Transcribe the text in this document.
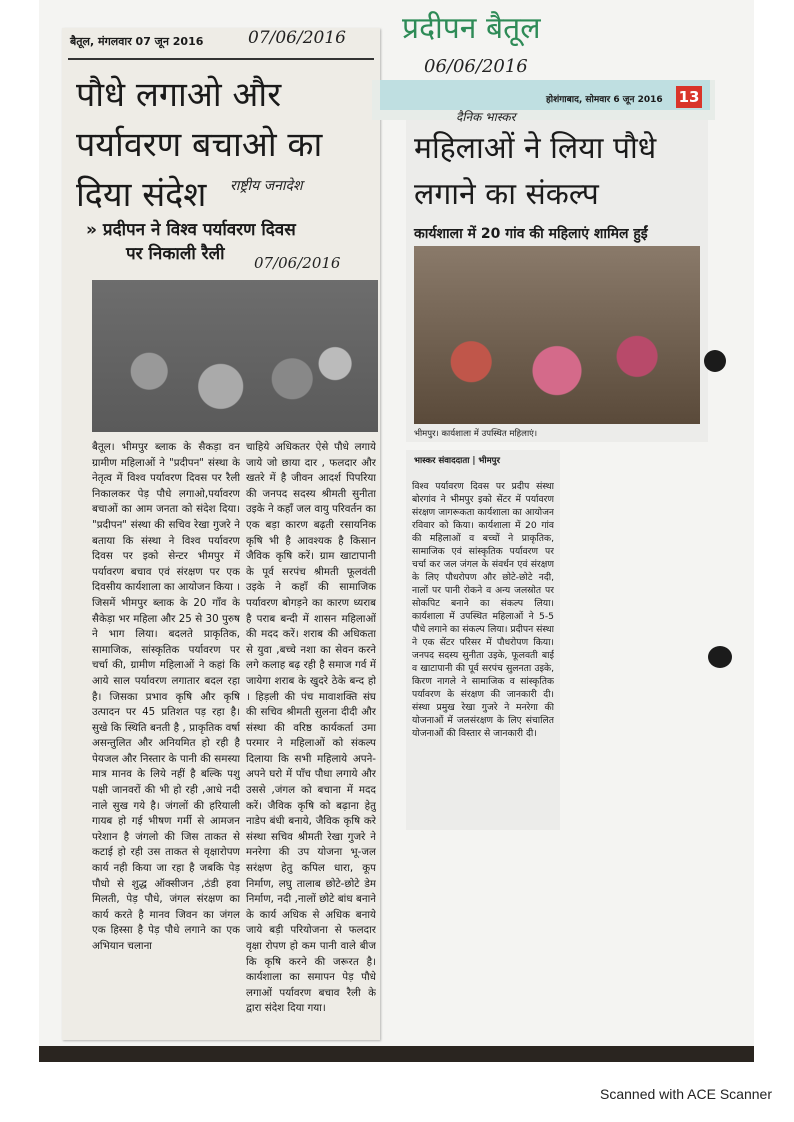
बैतूल, मंगलवार 07 जून 2016	07/06/2016
पौधे लगाओ और
पर्यावरण बचाओ का
दिया संदेश	राष्ट्रीय जनादेश
» प्रदीपन ने विश्व पर्यावरण दिवस
पर निकाली रैली	07/06/2016
बैतूल। भीमपुर ब्लाक के सैकड़ा वन ग्रामीण महिलाओं ने "प्रदीपन" संस्था के नेतृत्व में विश्व पर्यावरण दिवस पर रैली निकालकर पेड़ पौधे लगाओ,पर्यावरण बचाओं का आम जनता को संदेश दिया। "प्रदीपन" संस्था की सचिव रेखा गुजरे ने बताया कि संस्था ने विश्व पर्यावरण दिवस पर इको सेन्टर भीमपुर में पर्यावरण बचाव एवं संरक्षण पर एक दिवसीय कार्यशाला का आयोजन किया । जिसमें भीमपुर ब्लाक के 20 गाँव के सैकेड़ा भर महिला और 25 से 30 पुरुष ने भाग लिया। बदलते प्राकृतिक, सामाजिक, सांस्कृतिक पर्यावरण पर चर्चा की, ग्रामीण महिलाओं ने कहां कि आये साल पर्यावरण लगातार बदल रहा है। जिसका प्रभाव कृषि और कृषि उत्पादन पर 45 प्रतिशत पड़ रहा है। सुखे कि स्थिति बनती है , प्राकृतिक वर्षा असन्तुलित और अनियमित हो रही है पेयजल और निस्तार के पानी की समस्या मात्र मानव के लिये नहीं है बल्कि पशु पक्षी जानवरों की भी हो रही ,आधे नदी नाले सुख गये है। जंगलों की हरियाली गायब हो गई भीषण गर्मी से आमजन परेशान है जंगलो की जिस ताकत से कटाई हो रही उस ताकत से वृक्षारोपण कार्य नही किया जा रहा है जबकि पेड़ पौधो से शुद्ध ऑक्सीजन ,ठंडी हवा मिलती, पेड़ पौधे, जंगल संरक्षण का कार्य करते है मानव जिवन का जंगल एक हिस्सा है पेड़ पौधे लगाने का एक अभियान चलाना
चाहिये अधिकतर ऐसे पौधे लगाये जाये जो छाया दार , फलदार और खतरे में है जीवन आदर्श पिपरिया की जनपद सदस्य श्रीमती सुनीता उइके ने कहाँ जल वायु परिवर्तन का एक बड़ा कारण बढ़ती रसायनिक कृषि भी है आवश्यक है किसान जैविक कृषि करें। ग्राम खाटापानी के पूर्व सरपंच श्रीमती फूलवंती उइके ने कहाँ की सामाजिक पर्यावरण बोगड़ने का कारण ध्यराब है पराब बन्दी में शासन महिलाओं की मदद करें। शराब की अधिकता से युवा ,बच्चे नशा का सेवन करने लगे कलाह बढ़ रही है समाज गर्व में जायेगा शराब के खुदरे ठेके बन्द हो । हिड़ली की पंच मावाशक्ति संघ की सचिव श्रीमती सुलना दीदी और संस्था की वरिष्ठ कार्यकर्ता उमा परमार ने महिलाओं को संकल्प दिलाया कि सभी महिलाये अपने-अपने घरो में पाँच पौधा लगाये और उससे ,जंगल को बचाना में मदद करें। जैविक कृषि को बढ़ाना हेतु नाडेप बंधी बनाये, जैविक कृषि करे संस्था सचिव श्रीमती रेखा गुजरे ने मनरेगा की उप योजना भू-जल सरंक्षण हेतु कपिल धारा, कूप निर्माण, लघु तालाब छोटे-छोटे डेम निर्माण, नदी ,नालों छोटे बांध बनाने के कार्य अधिक से अधिक बनाये जाये बड़ी परियोजना से फलदार वृक्षा रोपण हो कम पानी वाले बीज कि कृषि करने की जरूरत है। कार्यशाला का समापन पेड़ पौधे लगाओं पर्यावरण बचाव रैली के द्वारा संदेश दिया गया।
प्रदीपन बैतूल
06/06/2016
होशंगाबाद, सोमवार 6 जून 2016 13
दैनिक भास्कर
महिलाओं ने लिया पौधे
लगाने का संकल्प
कार्यशाला में 20 गांव की महिलाएं शामिल हुईं
भीमपुर। कार्यशाला में उपस्थित महिलाएं।
भास्कर संवाददाता | भीमपुर
विश्व पर्यावरण दिवस पर प्रदीप संस्था बोरगांव ने भीमपुर इको सेंटर में पर्यावरण संरक्षण जागरूकता कार्यशाला का आयोजन रविवार को किया। कार्यशाला में 20 गांव की महिलाओं व बच्चों ने प्राकृतिक, सामाजिक एवं सांस्कृतिक पर्यावरण पर चर्चा कर जल जंगल के संवर्धन एवं संरक्षण के लिए पौधरोपण और छोटे-छोटे नदी, नालों पर पानी रोकने व अन्य जलस्रोत पर सोकपिट बनाने का संकल्प लिया। कार्यशाला में उपस्थित महिलाओं ने 5-5 पौधे लगाने का संकल्प लिया। प्रदीपन संस्था ने एक सेंटर परिसर में पौधरोपण किया। जनपद सदस्य सुनीता उइके, फूलवती बाई व खाटापानी की पूर्व सरपंच सुलनता उइके, किरण नागले ने सामाजिक व सांस्कृतिक पर्यावरण के संरक्षण की जानकारी दी। संस्था प्रमुख रेखा गुजरे ने मनरेगा की योजनाओं में जलसंरक्षण के लिए संचालित योजनाओं की विस्तार से जानकारी दी।
Scanned with ACE Scanner
